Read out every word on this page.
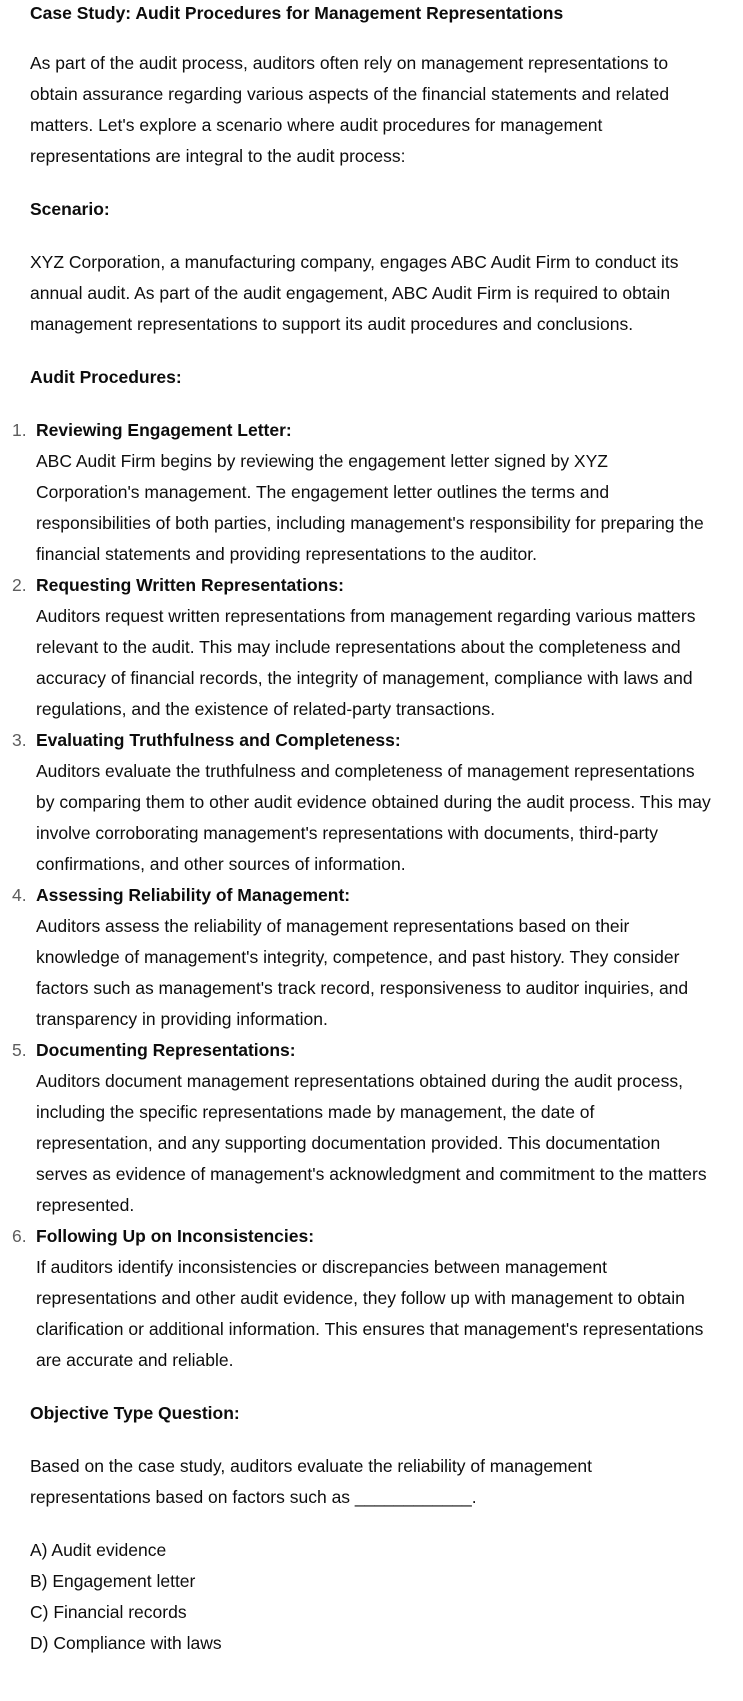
Case Study: Audit Procedures for Management Representations

As part of the audit process, auditors often rely on management representations to obtain assurance regarding various aspects of the financial statements and related matters. Let's explore a scenario where audit procedures for management representations are integral to the audit process:

Scenario:

XYZ Corporation, a manufacturing company, engages ABC Audit Firm to conduct its annual audit. As part of the audit engagement, ABC Audit Firm is required to obtain management representations to support its audit procedures and conclusions.

Audit Procedures:

1. Reviewing Engagement Letter:
ABC Audit Firm begins by reviewing the engagement letter signed by XYZ Corporation's management. The engagement letter outlines the terms and responsibilities of both parties, including management's responsibility for preparing the financial statements and providing representations to the auditor.
2. Requesting Written Representations:
Auditors request written representations from management regarding various matters relevant to the audit. This may include representations about the completeness and accuracy of financial records, the integrity of management, compliance with laws and regulations, and the existence of related-party transactions.
3. Evaluating Truthfulness and Completeness:
Auditors evaluate the truthfulness and completeness of management representations by comparing them to other audit evidence obtained during the audit process. This may involve corroborating management's representations with documents, third-party confirmations, and other sources of information.
4. Assessing Reliability of Management:
Auditors assess the reliability of management representations based on their knowledge of management's integrity, competence, and past history. They consider factors such as management's track record, responsiveness to auditor inquiries, and transparency in providing information.
5. Documenting Representations:
Auditors document management representations obtained during the audit process, including the specific representations made by management, the date of representation, and any supporting documentation provided. This documentation serves as evidence of management's acknowledgment and commitment to the matters represented.
6. Following Up on Inconsistencies:
If auditors identify inconsistencies or discrepancies between management representations and other audit evidence, they follow up with management to obtain clarification or additional information. This ensures that management's representations are accurate and reliable.

Objective Type Question:

Based on the case study, auditors evaluate the reliability of management representations based on factors such as ____________.

A) Audit evidence
B) Engagement letter
C) Financial records
D) Compliance with laws
